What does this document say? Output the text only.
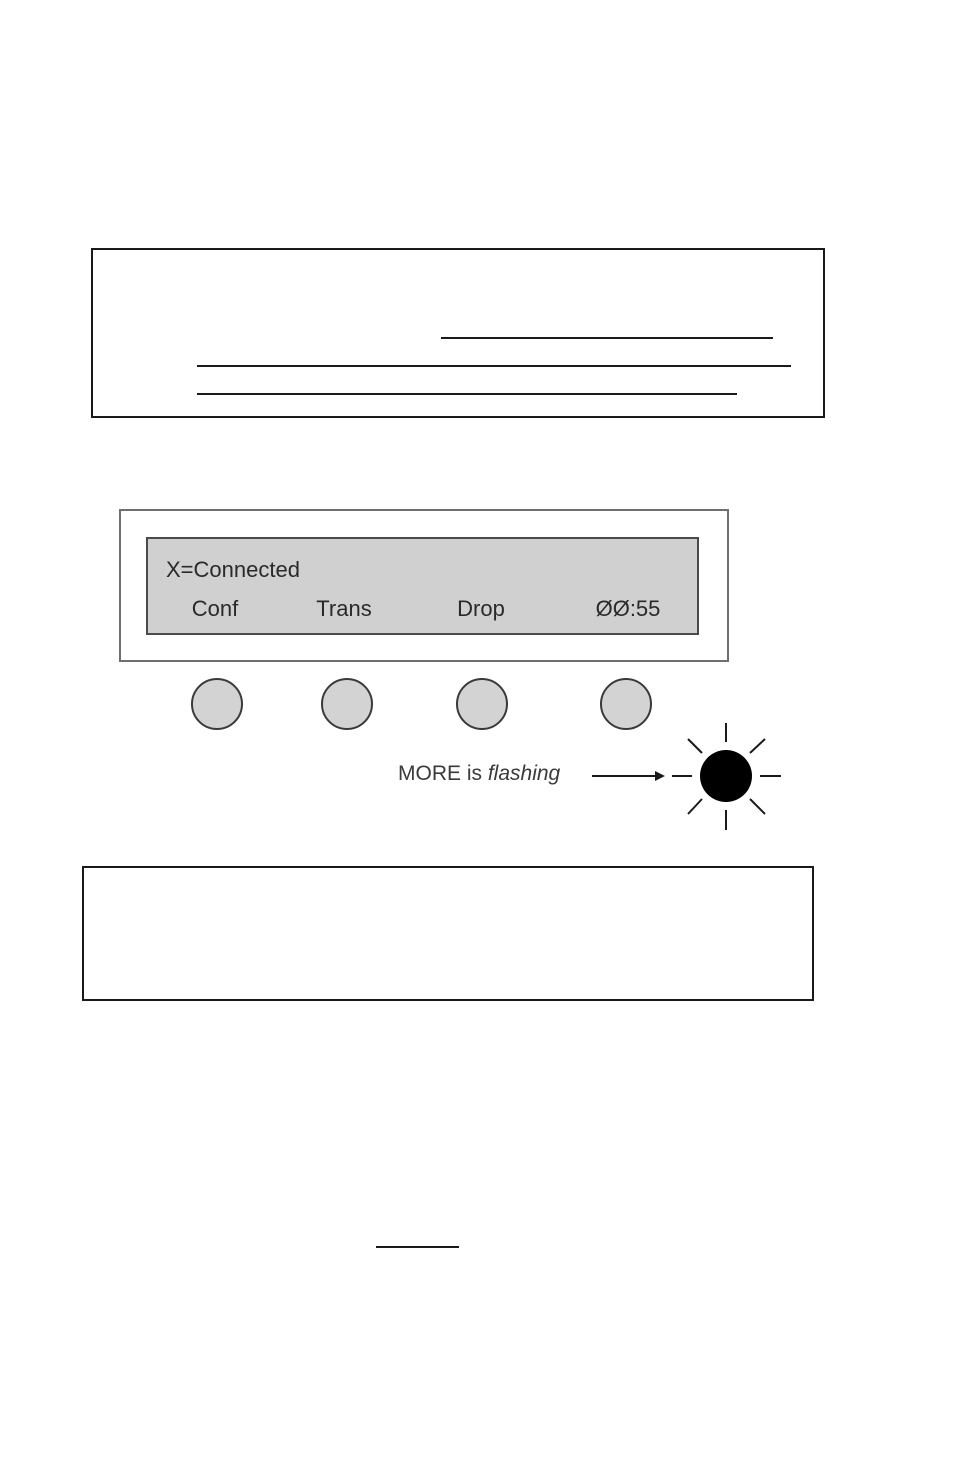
X=Connected
Conf	Trans	Drop	ØØ:55
MORE is flashing
